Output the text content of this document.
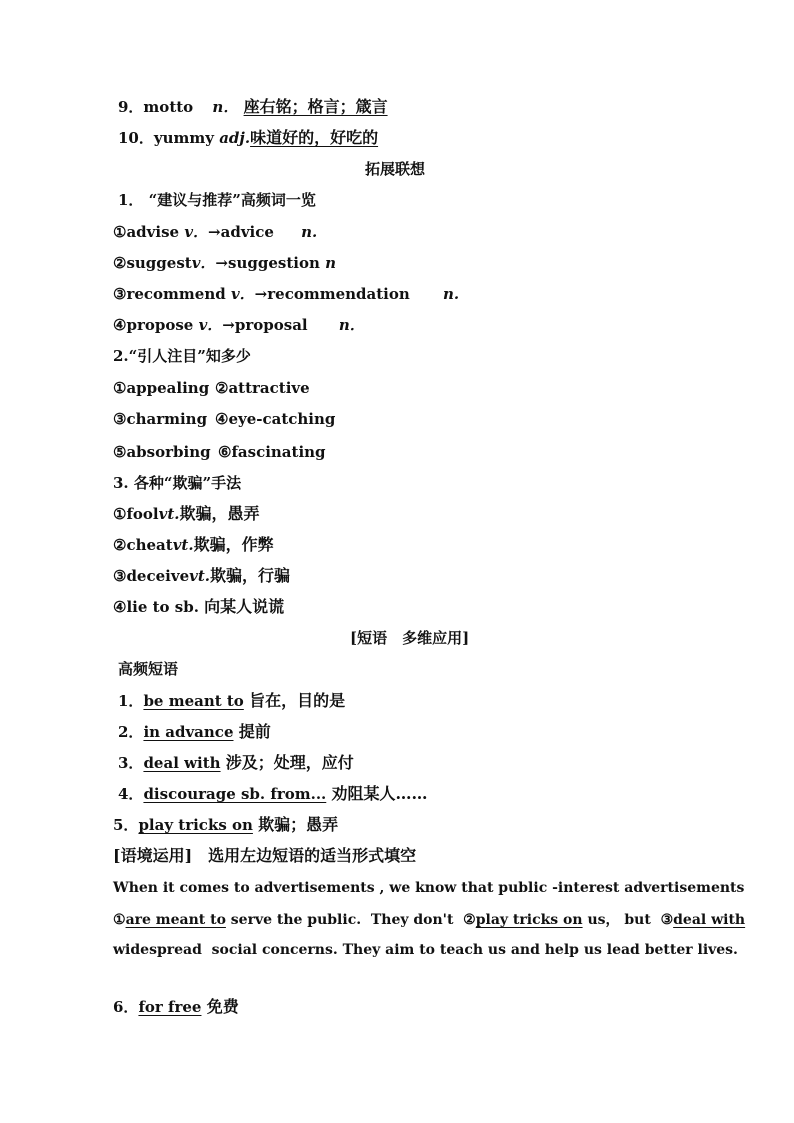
9．motto n． 座右铭；格言；箴言
10．yummy adj.味道好的，好吃的
拓展联想
1． “建议与推荐”高频词一览
①advise v．→advice n.
②suggestv．→suggestion n
③recommend v．→recommendation n.
④propose v．→proposal n．
2.“引人注目”知多少
①appealing ②attractive
③charming ④eye-catching
⑤absorbing ⑥fascinating
3. 各种“欺骗”手法
①foolvt.欺骗，愚弄
②cheatvt.欺骗，作弊
③deceivevt.欺骗，行骗
④lie to sb. 向某人说谎
[短语　多维应用]
高频短语
1．be meant to 旨在，目的是
2．in advance 提前
3．deal with 涉及；处理，应付
4．discourage sb. from... 劝阻某人……
5．play tricks on 欺骗；愚弄
[语境运用]　选用左边短语的适当形式填空
When it comes to advertisements , we know that public -interest advertisements
①are meant to serve the public.  They don't  ②play tricks on us， but  ③deal with
widespread  social concerns. They aim to teach us and help us lead better lives.
6．for free 免费
